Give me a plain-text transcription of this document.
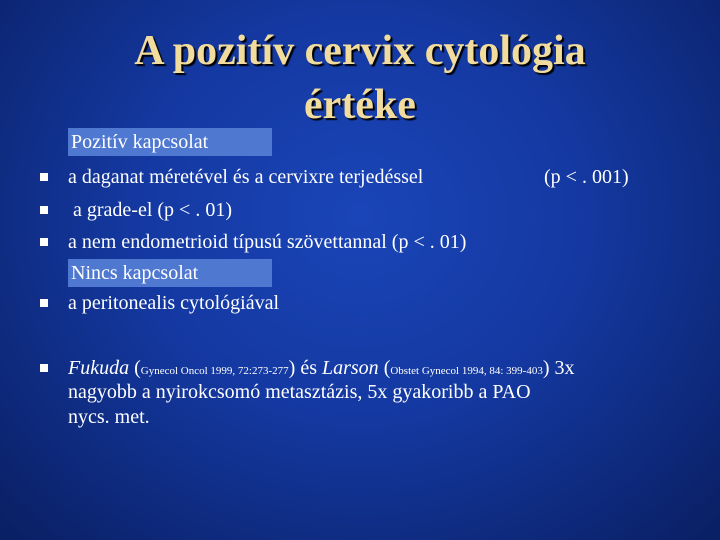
A pozitív cervix cytológia
értéke
Pozitív kapcsolat
a daganat méretével és a cervixre terjedéssel	(p < . 001)
a grade-el (p < . 01)
a nem endometrioid típusú szövettannal (p < . 01)
Nincs kapcsolat
a peritonealis cytológiával
Fukuda (Gynecol Oncol 1999, 72:273-277) és Larson (Obstet Gynecol 1994, 84: 399-403) 3x
nagyobb a nyirokcsomó metasztázis, 5x gyakoribb a PAO
nycs. met.
